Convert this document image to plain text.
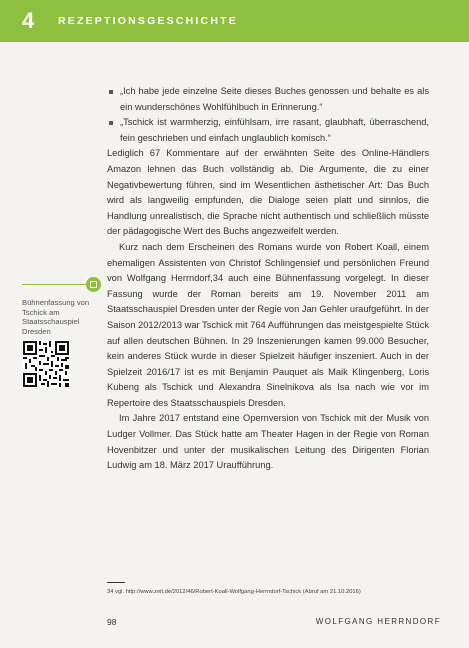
4 REZEPTIONSGESCHICHTE
„Ich habe jede einzelne Seite dieses Buches genossen und behalte es als ein wunderschönes Wohlfühlbuch in Erinnerung.“
„Tschick ist warmherzig, einfühlsam, irre rasant, glaubhaft, überraschend, fein geschrieben und einfach unglaublich komisch.“

Lediglich 67 Kommentare auf der erwähnten Seite des Online-Händlers Amazon lehnen das Buch vollständig ab. Die Argumente, die zu einer Negativbewertung führen, sind im Wesentlichen ästhetischer Art: Das Buch wird als langweilig empfunden, die Dialoge seien platt und sinnlos, die Handlung unrealistisch, die Sprache nicht authentisch und schließlich müsste der pädagogische Wert des Buchs angezweifelt werden.

Kurz nach dem Erscheinen des Romans wurde von Robert Koall, einem ehemaligen Assistenten von Christof Schlingensief und persönlichen Freund von Wolfgang Herrndorf,34 auch eine Bühnenfassung vorgelegt. In dieser Fassung wurde der Roman bereits am 19. November 2011 am Staatsschauspiel Dresden unter der Regie von Jan Gehler uraufgeführt. In der Saison 2012/2013 war Tschick mit 764 Aufführungen das meistgespielte Stück auf allen deutschen Bühnen. In 29 Inszenierungen kamen 99.000 Besucher, kein anderes Stück wurde in dieser Spielzeit häufiger inszeniert. Auch in der Spielzeit 2016/17 ist es mit Benjamin Pauquet als Maik Klingenberg, Loris Kubeng als Tschick und Alexandra Sinelnikova als Isa nach wie vor im Repertoire des Staatsschauspiels Dresden.

Im Jahre 2017 entstand eine Opernversion von Tschick mit der Musik von Ludger Vollmer. Das Stück hatte am Theater Hagen in der Regie von Roman Hovenbitzer und unter der musikalischen Leitung des Dirigenten Florian Ludwig am 18. März 2017 Uraufführung.

Bühnenfassung von Tschick am Staatsschauspiel Dresden
34 vgl. http://www.zeit.de/2012/46/Robert-Koall-Wolfgang-Herrndorf-Tschick (Abruf am 21.10.2016)
98	WOLFGANG HERRNDORF
